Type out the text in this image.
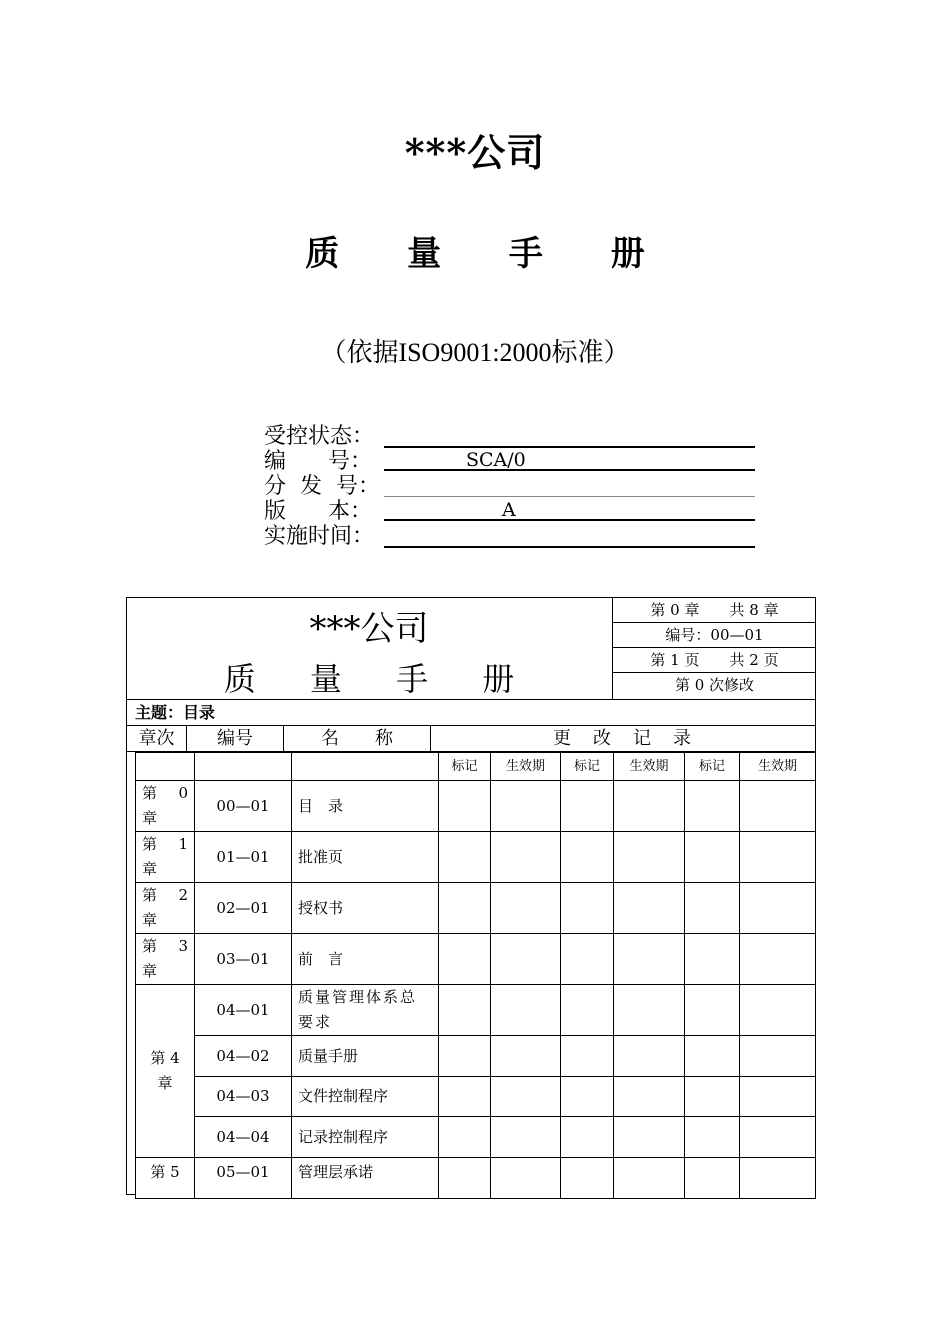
***公司
质 量 手 册
（依据ISO9001:2000标准）
受控状态：
编      号：	SCA/0
分  发  号：
版      本：	A
实施时间：
***公司
质 量 手 册
第 0 章　　共 8 章
编号：00—01
第 1 页　　共 2 页
第 0 次修改
主题：目录
章次	编号	名　　称	更　改　记　录
			标记	生效期	标记	生效期	标记	生效期
第　0 章	00—01	目　录						
第　1 章	01—01	批准页						
第　2 章	02—01	授权书						
第　3 章	03—01	前　言						
第 4 章	04—01	质量管理体系总要求						
	04—02	质量手册						
	04—03	文件控制程序						
	04—04	记录控制程序						
第 5	05—01	管理层承诺						
